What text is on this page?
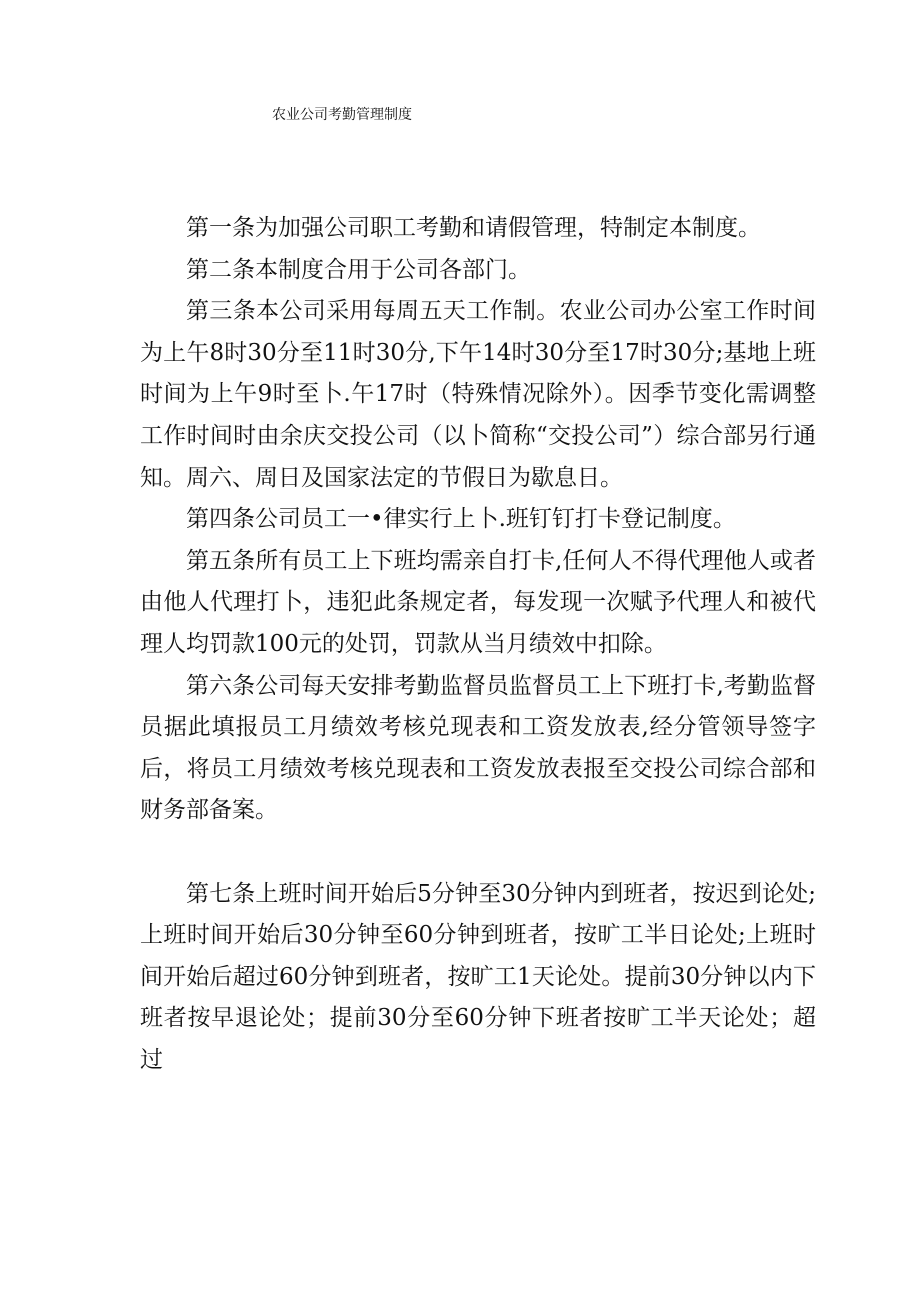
农业公司考勤管理制度

第一条为加强公司职工考勤和请假管理，特制定本制度。

第二条本制度合用于公司各部门。

第三条本公司采用每周五天工作制。农业公司办公室工作时间为上午8时30分至11时30分,下午14时30分至17时30分;基地上班时间为上午9时至卜.午17时（特殊情况除外）。因季节变化需调整工作时间时由余庆交投公司（以卜简称“交投公司”）综合部另行通知。周六、周日及国家法定的节假日为歇息日。

第四条公司员工一•律实行上卜.班钉钉打卡登记制度。

第五条所有员工上下班均需亲自打卡,任何人不得代理他人或者由他人代理打卜，违犯此条规定者，每发现一次赋予代理人和被代理人均罚款100元的处罚，罚款从当月绩效中扣除。

第六条公司每天安排考勤监督员监督员工上下班打卡,考勤监督员据此填报员工月绩效考核兑现表和工资发放表,经分管领导签字后，将员工月绩效考核兑现表和工资发放表报至交投公司综合部和财务部备案。

第七条上班时间开始后5分钟至30分钟内到班者，按迟到论处;上班时间开始后30分钟至60分钟到班者，按旷工半日论处;上班时间开始后超过60分钟到班者，按旷工1天论处。提前30分钟以内下班者按早退论处；提前30分至60分钟下班者按旷工半天论处；超过
